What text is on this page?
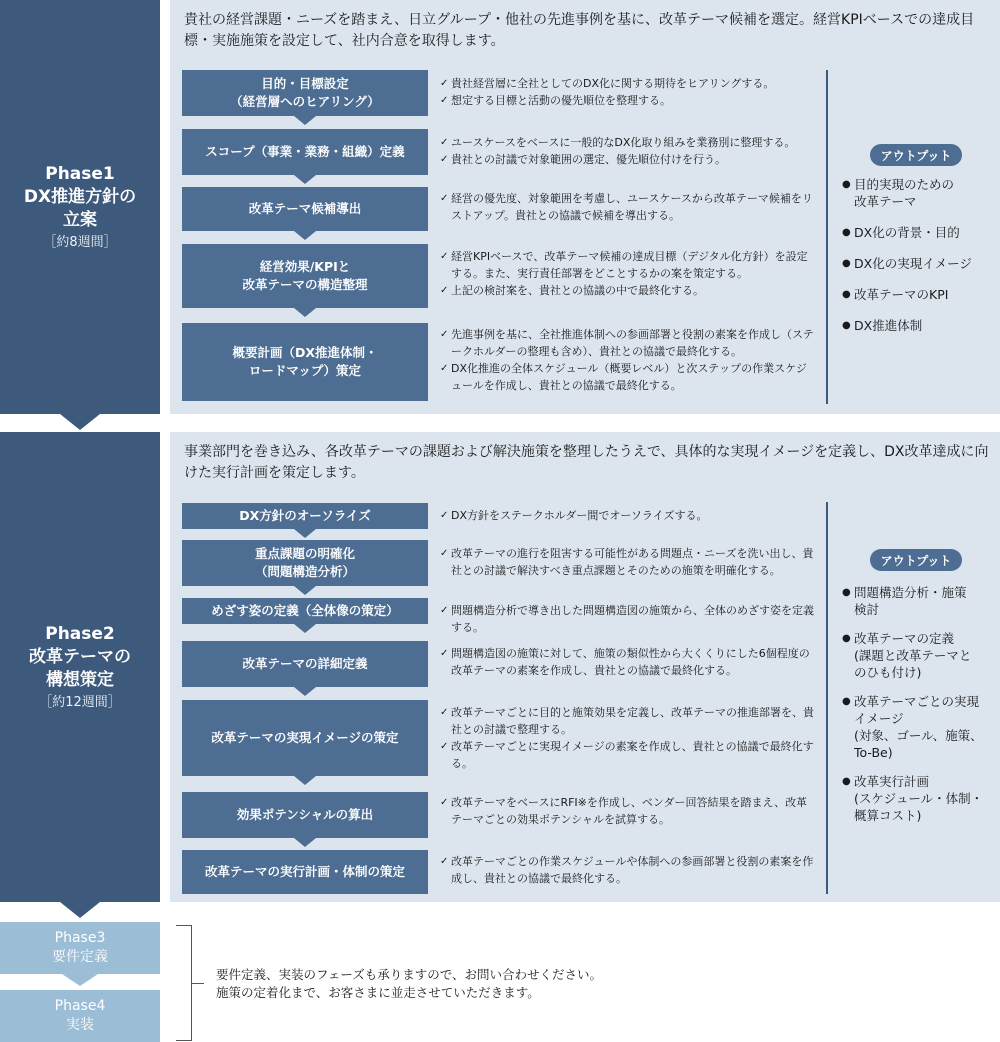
Phase1
DX推進方針の
立案
［約8週間］
貴社の経営課題・ニーズを踏まえ、日立グループ・他社の先進事例を基に、改革テーマ候補を選定。経営KPIベースでの達成目標・実施施策を設定して、社内合意を取得します。
目的・目標設定
（経営層へのヒアリング）
スコープ（事業・業務・組織）定義
改革テーマ候補導出
経営効果/KPIと
改革テーマの構造整理
概要計画（DX推進体制・
ロードマップ）策定
✓ 貴社経営層に全社としてのDX化に関する期待をヒアリングする。
✓ 想定する目標と活動の優先順位を整理する。
✓ ユースケースをベースに一般的なDX化取り組みを業務別に整理する。
✓ 貴社との討議で対象範囲の選定、優先順位付けを行う。
✓ 経営の優先度、対象範囲を考慮し、ユースケースから改革テーマ候補をリストアップ。貴社との協議で候補を導出する。
✓ 経営KPIベースで、改革テーマ候補の達成目標（デジタル化方針）を設定する。また、実行責任部署をどことするかの案を策定する。
✓ 上記の検討案を、貴社との協議の中で最終化する。
✓ 先進事例を基に、全社推進体制への参画部署と役割の素案を作成し（ステークホルダーの整理も含め）、貴社との協議で最終化する。
✓ DX化推進の全体スケジュール（概要レベル）と次ステップの作業スケジュールを作成し、貴社との協議で最終化する。
アウトプット
● 目的実現のための
改革テーマ
● DX化の背景・目的
● DX化の実現イメージ
● 改革テーマのKPI
● DX推進体制
Phase2
改革テーマの
構想策定
［約12週間］
事業部門を巻き込み、各改革テーマの課題および解決施策を整理したうえで、具体的な実現イメージを定義し、DX改革達成に向けた実行計画を策定します。
DX方針のオーソライズ
重点課題の明確化
（問題構造分析）
めざす姿の定義（全体像の策定）
改革テーマの詳細定義
改革テーマの実現イメージの策定
効果ポテンシャルの算出
改革テーマの実行計画・体制の策定
✓ DX方針をステークホルダー間でオーソライズする。
✓ 改革テーマの進行を阻害する可能性がある問題点・ニーズを洗い出し、貴社との討議で解決すべき重点課題とそのための施策を明確化する。
✓ 問題構造分析で導き出した問題構造図の施策から、全体のめざす姿を定義する。
✓ 問題構造図の施策に対して、施策の類似性から大くくりにした6個程度の改革テーマの素案を作成し、貴社との協議で最終化する。
✓ 改革テーマごとに目的と施策効果を定義し、改革テーマの推進部署を、貴社との討議で整理する。
✓ 改革テーマごとに実現イメージの素案を作成し、貴社との協議で最終化する。
✓ 改革テーマをベースにRFI※を作成し、ベンダー回答結果を踏まえ、改革テーマごとの効果ポテンシャルを試算する。
✓ 改革テーマごとの作業スケジュールや体制への参画部署と役割の素案を作成し、貴社との協議で最終化する。
アウトプット
● 問題構造分析・施策
検討
● 改革テーマの定義
(課題と改革テーマと
のひも付け)
● 改革テーマごとの実現
イメージ
(対象、ゴール、施策、
To-Be)
● 改革実行計画
(スケジュール・体制・
概算コスト)
Phase3
要件定義
Phase4
実装
要件定義、実装のフェーズも承りますので、お問い合わせください。
施策の定着化まで、お客さまに並走させていただきます。
